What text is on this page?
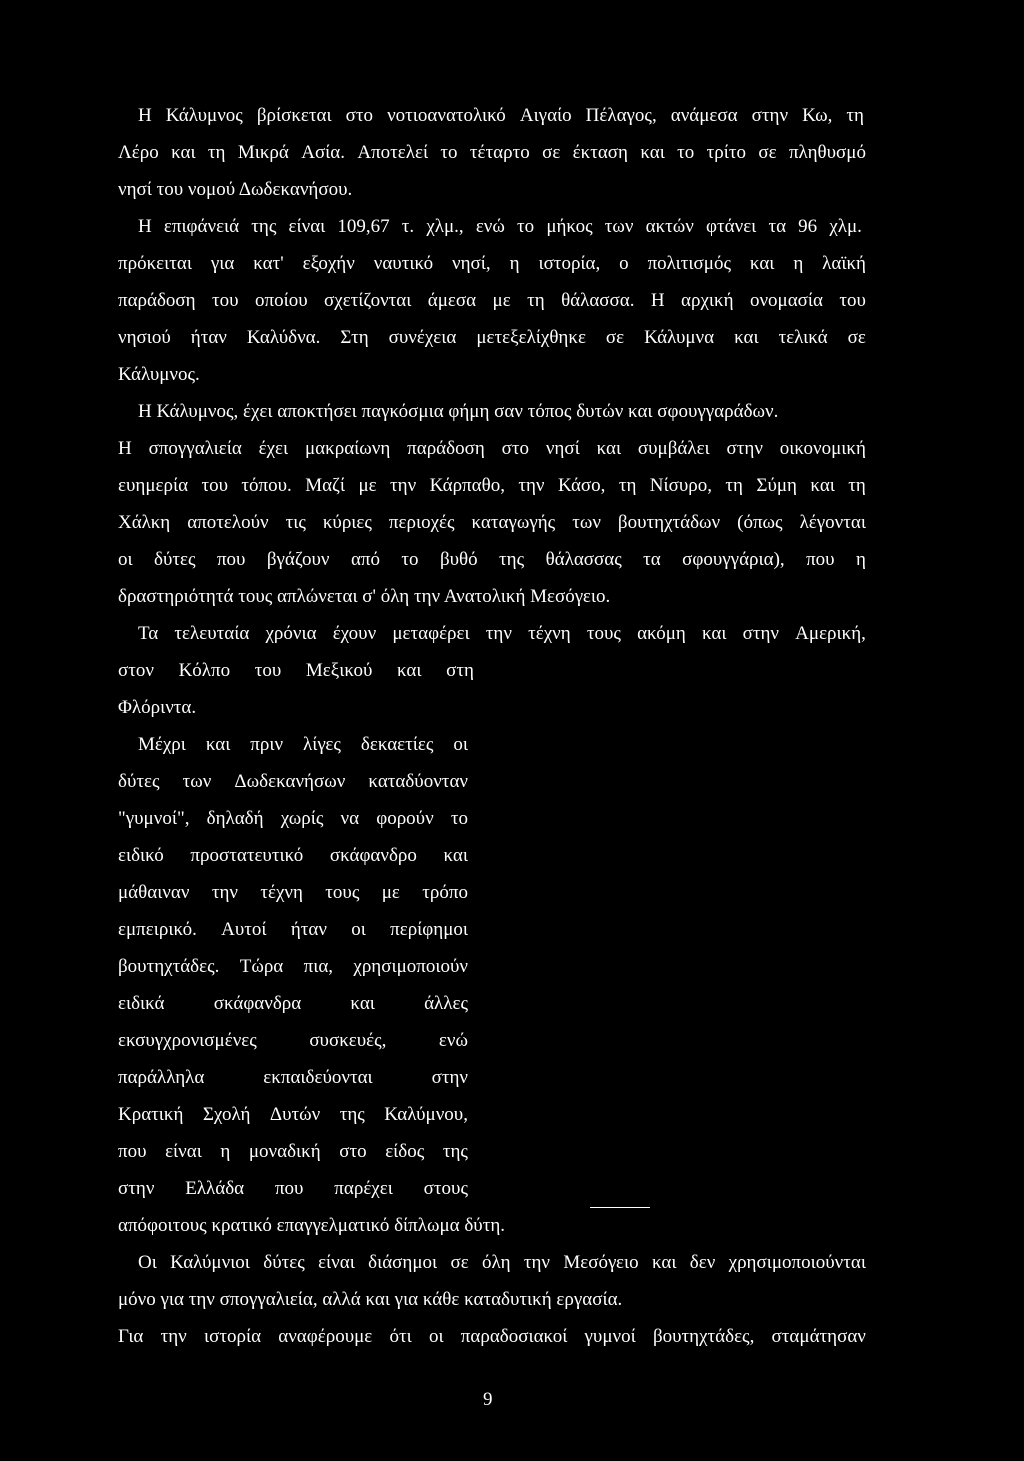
Η Κάλυμνος βρίσκεται στο νοτιοανατολικό Αιγαίο Πέλαγος, ανάμεσα στην Κω, τη
Λέρο και τη Μικρά Ασία. Αποτελεί το τέταρτο σε έκταση και το τρίτο σε πληθυσμό
νησί του νομού Δωδεκανήσου.
Η επιφάνειά της είναι 109,67 τ. χλμ., ενώ το μήκος των ακτών φτάνει τα 96 χλμ.
πρόκειται για κατ' εξοχήν ναυτικό νησί, η ιστορία, ο πολιτισμός και η λαϊκή
παράδοση του οποίου σχετίζονται άμεσα με τη θάλασσα. Η αρχική ονομασία του
νησιού ήταν Καλύδνα. Στη συνέχεια μετεξελίχθηκε σε Κάλυμνα και τελικά σε
Κάλυμνος.
Η Κάλυμνος, έχει αποκτήσει παγκόσμια φήμη σαν τόπος δυτών και σφουγγαράδων.
Η σπογγαλιεία έχει μακραίωνη παράδοση στο νησί και συμβάλει στην οικονομική
ευημερία του τόπου. Μαζί με την Κάρπαθο, την Κάσο, τη Νίσυρο, τη Σύμη και τη
Χάλκη αποτελούν τις κύριες περιοχές καταγωγής των βουτηχτάδων (όπως λέγονται
οι δύτες που βγάζουν από το βυθό της θάλασσας τα σφουγγάρια), που η
δραστηριότητά τους απλώνεται σ' όλη την Ανατολική Μεσόγειο.
Τα τελευταία χρόνια έχουν μεταφέρει την τέχνη τους ακόμη και στην Αμερική,
στον Κόλπο του Μεξικού και στη
Φλόριντα.
Μέχρι και πριν λίγες δεκαετίες οι
δύτες των Δωδεκανήσων καταδύονταν
"γυμνοί", δηλαδή χωρίς να φορούν το
ειδικό προστατευτικό σκάφανδρο και
μάθαιναν την τέχνη τους με τρόπο
εμπειρικό. Αυτοί ήταν οι περίφημοι
βουτηχτάδες. Τώρα πια, χρησιμοποιούν
ειδικά	σκάφανδρα	και	άλλες
εκσυγχρονισμένες	συσκευές,	ενώ
παράλληλα	εκπαιδεύονται	στην
Κρατική Σχολή Δυτών της Καλύμνου,
που είναι η μοναδική στο είδος της
στην Ελλάδα που παρέχει στους
απόφοιτους κρατικό επαγγελματικό δίπλωμα δύτη.
Οι Καλύμνιοι δύτες είναι διάσημοι σε όλη την Μεσόγειο και δεν χρησιμοποιούνται
μόνο για την σπογγαλιεία, αλλά και για κάθε καταδυτική εργασία.
Για την ιστορία αναφέρουμε ότι οι παραδοσιακοί γυμνοί βουτηχτάδες, σταμάτησαν
9
